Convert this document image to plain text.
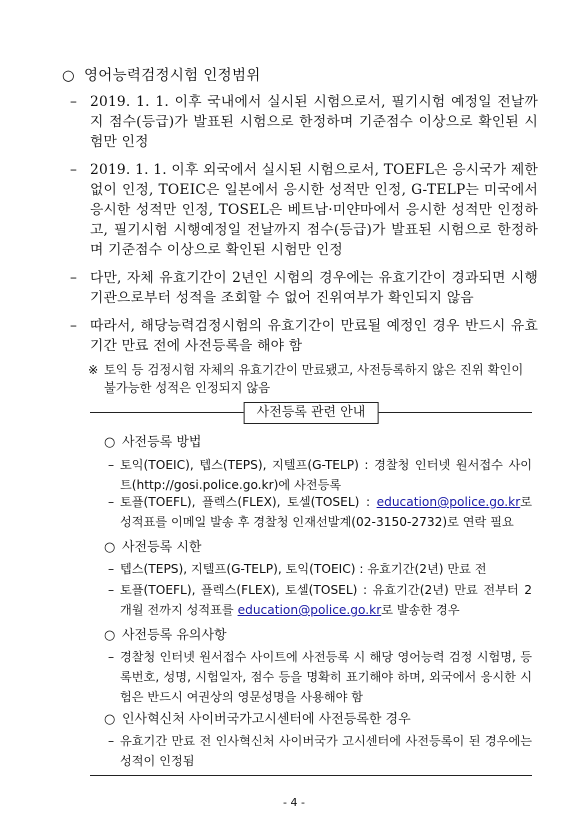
○ 영어능력검정시험 인정범위
– 2019. 1. 1. 이후 국내에서 실시된 시험으로서, 필기시험 예정일 전날까지 점수(등급)가 발표된 시험으로 한정하며 기준점수 이상으로 확인된 시험만 인정
– 2019. 1. 1. 이후 외국에서 실시된 시험으로서, TOEFL은 응시국가 제한 없이 인정, TOEIC은 일본에서 응시한 성적만 인정, G-TELP는 미국에서 응시한 성적만 인정, TOSEL은 베트남·미얀마에서 응시한 성적만 인정하고, 필기시험 시행예정일 전날까지 점수(등급)가 발표된 시험으로 한정하며 기준점수 이상으로 확인된 시험만 인정
– 다만, 자체 유효기간이 2년인 시험의 경우에는 유효기간이 경과되면 시행기관으로부터 성적을 조회할 수 없어 진위여부가 확인되지 않음
– 따라서, 해당능력검정시험의 유효기간이 만료될 예정인 경우 반드시 유효기간 만료 전에 사전등록을 해야 함
※ 토익 등 검정시험 자체의 유효기간이 만료됐고, 사전등록하지 않은 진위 확인이 불가능한 성적은 인정되지 않음
사전등록 관련 안내
○ 사전등록 방법
– 토익(TOEIC), 텝스(TEPS), 지텔프(G-TELP) : 경찰청 인터넷 원서접수 사이트(http://gosi.police.go.kr)에 사전등록
– 토플(TOEFL), 플렉스(FLEX), 토셀(TOSEL) : education@police.go.kr로 성적표를 이메일 발송 후 경찰청 인재선발계(02-3150-2732)로 연락 필요
○ 사전등록 시한
– 텝스(TEPS), 지텔프(G-TELP), 토익(TOEIC) : 유효기간(2년) 만료 전
– 토플(TOEFL), 플렉스(FLEX), 토셀(TOSEL) : 유효기간(2년) 만료 전부터 2개월 전까지 성적표를 education@police.go.kr로 발송한 경우
○ 사전등록 유의사항
– 경찰청 인터넷 원서접수 사이트에 사전등록 시 해당 영어능력 검정 시험명, 등록번호, 성명, 시험일자, 점수 등을 명확히 표기해야 하며, 외국에서 응시한 시험은 반드시 여권상의 영문성명을 사용해야 함
○ 인사혁신처 사이버국가고시센터에 사전등록한 경우
– 유효기간 만료 전 인사혁신처 사이버국가 고시센터에 사전등록이 된 경우에는 성적이 인정됨
- 4 -
